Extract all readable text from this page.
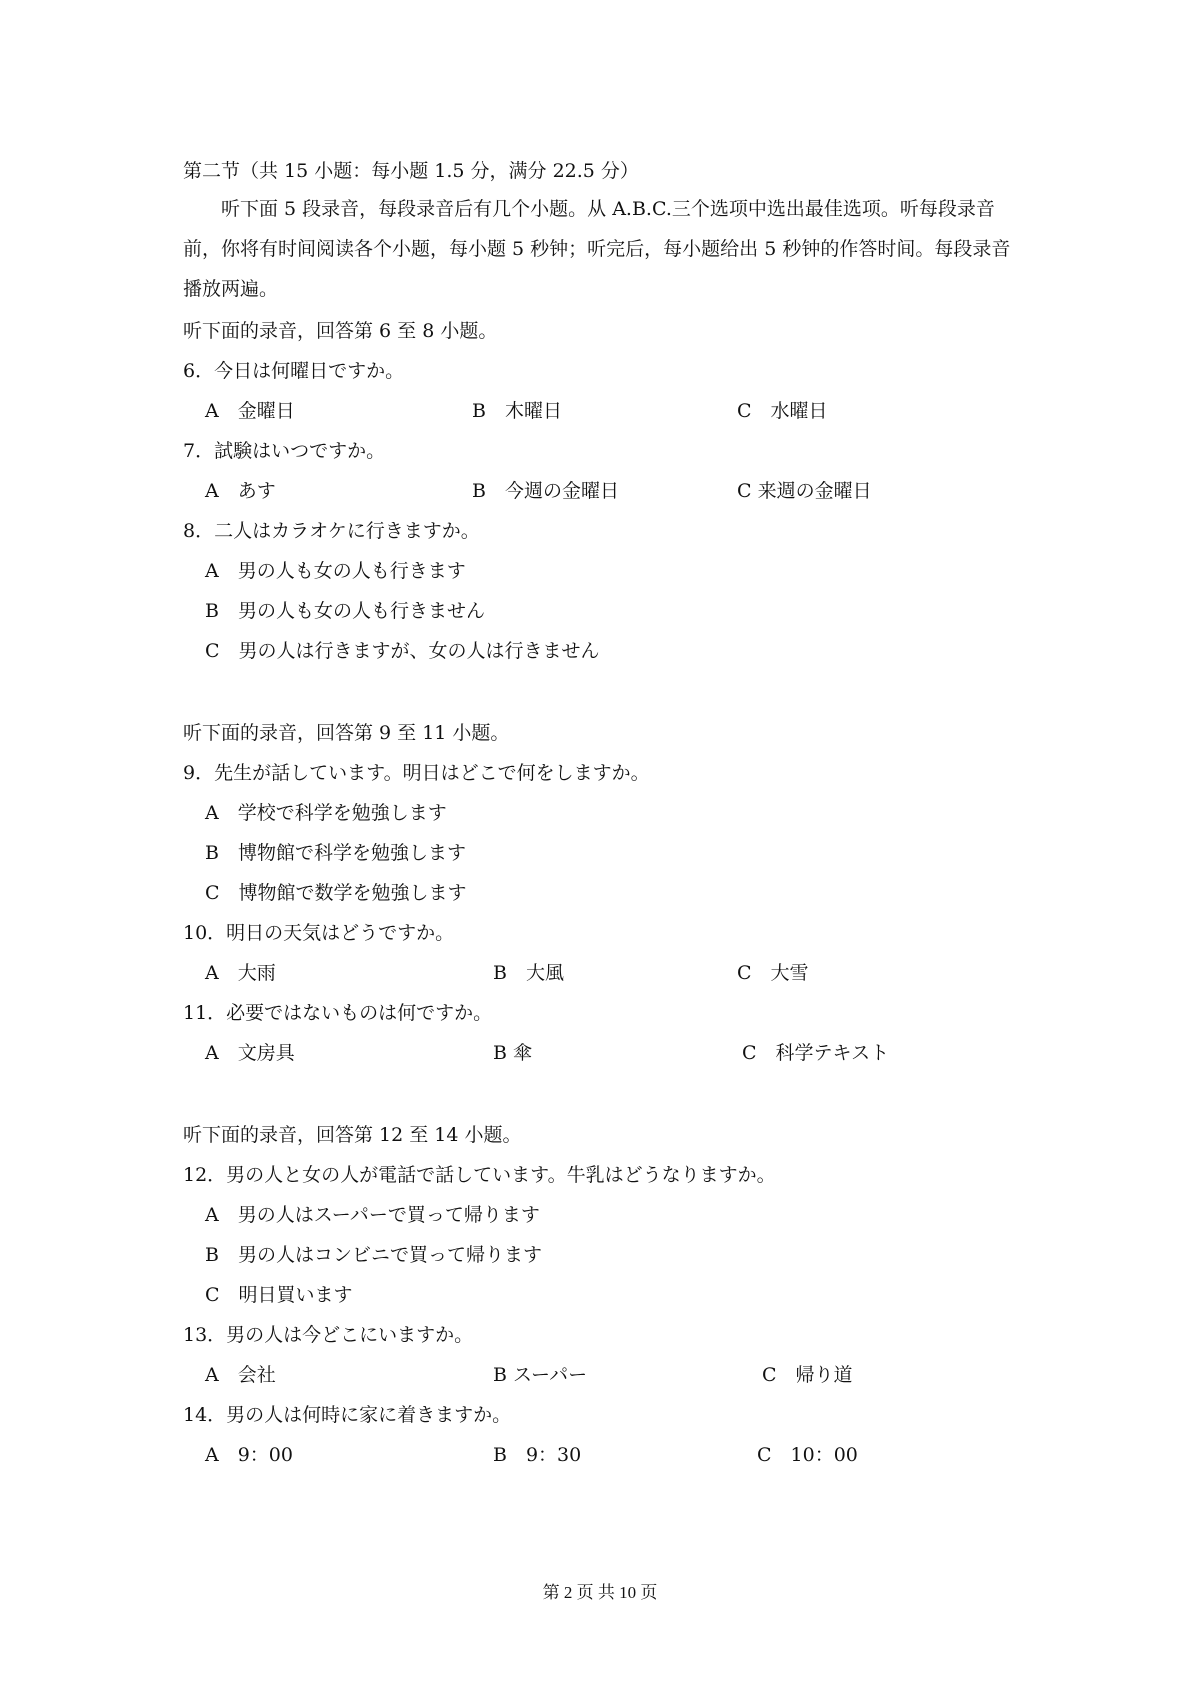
第二节（共 15 小题：每小题 1.5 分，满分 22.5 分）
听下面 5 段录音，每段录音后有几个小题。从 A.B.C.三个选项中选出最佳选项。听每段录音前，你将有时间阅读各个小题，每小题 5 秒钟；听完后，每小题给出 5 秒钟的作答时间。每段录音播放两遍。
听下面的录音，回答第 6 至 8 小题。
6．今日は何曜日ですか。
A　金曜日	B　木曜日	C　水曜日
7．試験はいつですか。
A　あす	B　今週の金曜日	C 来週の金曜日
8．二人はカラオケに行きますか。
A　男の人も女の人も行きます
B　男の人も女の人も行きません
C　男の人は行きますが、女の人は行きません
听下面的录音，回答第 9 至 11 小题。
9．先生が話しています。明日はどこで何をしますか。
A　学校で科学を勉強します
B　博物館で科学を勉強します
C　博物館で数学を勉強します
10．明日の天気はどうですか。
A　大雨	B　大風	C　大雪
11．必要ではないものは何ですか。
A　文房具	B 傘	C　科学テキスト
听下面的录音，回答第 12 至 14 小题。
12．男の人と女の人が電話で話しています。牛乳はどうなりますか。
A　男の人はスーパーで買って帰ります
B　男の人はコンビニで買って帰ります
C　明日買います
13．男の人は今どこにいますか。
A　会社	B スーパー	C　帰り道
14．男の人は何時に家に着きますか。
A　9：00	B　9：30	C　10：00
第 2 页 共 10 页
